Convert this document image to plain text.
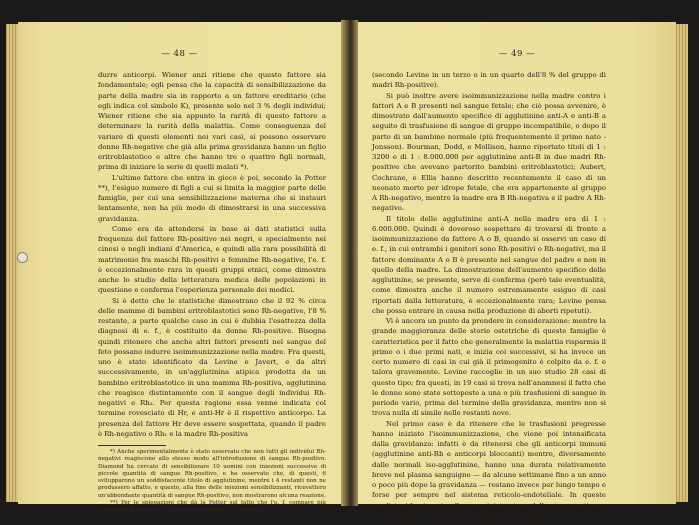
— 48 —

durre anticorpi. Wiener anzi ritiene che questo fattore sia fondamentale; egli pensa che la capacità di sensibilizzazione da parte della madre sia in rapporto a un fattore ereditario (che egli indica col simbolo K), presente solo nel 3 % degli individui; Wiener ritiene che sia appunto la rarità di questo fattore a determinare la rarità della malattia. Come conseguenza del variare di questi elementi nei vari casi, si possono osservare donne Rh-negative che già alla prima gravidanza hanno un figlio eritroblastotico e altre che hanno tre o quattro figli normali, prima di iniziare la serie di quelli malati *).

L'ultimo fattore che entra in gioco è poi, secondo la Potter **), l'esiguo numero di figli a cui si limita la maggior parte delle famiglie, per cui una sensibilizzazione materna che si instauri lentamente, non ha più modo di dimostrarsi in una successiva gravidanza.

Come era da attendersi in base ai dati statistici sulla frequenza del fattore Rh-positivo nei negri, e specialmente nei cinesi e negli indiani d'America, e quindi alla rara possibilità di matrimonio fra maschi Rh-positivi e femmine Rh-negative, l'e. f. è eccezionalmente rara in questi gruppi etnici, come dimostra anche lo studio della letteratura medica delle popolazioni in questione e conferma l'esperienza personale dei medici.

Si è detto che le statistiche dimostrano che il 92 % circa delle mamme di bambini eritroblastotici sono Rh-negative, l'8 % restante, a parte qualche caso in cui è dubbia l'esattezza della diagnosi di e. f., è costituito da donne Rh-positive. Bisogna quindi ritenere che anche altri fattori presenti nel sangue del feto possano indurre isoimmunizzazione nella madre. Fra questi, uno è stato identificato da Levine e Javert, e da altri successivamente, in un'agglutinina atipica prodotta da un bambino eritroblastotico in una mamma Rh-positiva, agglutinina che reagisce distintamente con il sangue degli individui Rh-negativi e Rh₂. Per questa ragione essa venne indicata col termine rovesciato di Hr, e anti-Hr è il rispettivo anticorpo. La presenza del fattore Hr deve essere sospettata, quando il padre è Rh-negativo o Rh₁ e la madre Rh-positiva

*) Anche sperimentalmente è stato osservato che non tutti gli individui Rh-negativi reagiscono allo stesso modo all'introduzione di sangue Rh-positivo. Diamond ha cercato di sensibilizzare 10 uomini con iniezioni successive di piccole quantità di sangue Rh-positivo, e ha osservato che, di questi, 6 svilupparono un soddisfacente titolo di agglutinine, mentre i 4 restanti non ne produssero affatto, e questo, alla fine delle iniezioni sensibilizzanti, ricevettero un'abbondante quantità di sangue Rh-positivo, non mostrarono alcuna reazione.

**) Per le spiegazioni che dà la Potter sul fatto che l'e. f. compare più raramente di quanto ci si potrebbe attendere, v. anche oltre.

— 49 —

(secondo Levine in un terzo o in un quarto dell'8 % del gruppo di madri Rh-positive).

Si può inoltre avere isoimmunizzazione nella madre contro i fattori A e B presenti nel sangue fetale; che ciò possa avvenire, è dimostrato dall'aumento specifico di agglutinine anti-A e anti-B a seguito di trasfusione di sangue di gruppo incompatibile, o dopo il parto di un bambino normale (più frequentemente il primo nato - Jonsson). Bourman, Dodd, e Mollison, hanno riportato titoli di 1 : 3200 e di 1 : 8.000.000 per agglutinine anti-B in due madri Rh-positive che avevano partorito bambini eritroblastotici; Aubert, Cochrane, e Ellis hanno descritto recentemente il caso di un neonato morto per idrope fetale, che era appartenente al gruppo A Rh-negativo, mentre la madre era B Rh-negativa e il padre A Rh-negativo.

Il titolo delle agglutinine anti-A nella madre era di 1 : 6.000.000. Quindi è doveroso sospettare di trovarsi di fronte a isoimmunizzazione da fattore A o B, quando si osservi un caso di e. f., in cui entrambi i genitori sono Rh-positivi o Rh-negativi, ma il fattore dominante A o B è presente nel sangue del padre e non in quello della madre. La dimostrazione dell'aumento specifico delle agglutinine, se presente, serve di conferma (però tale eventualità, come dimostra anche il numero estremamente esiguo di casi riportati dalla letteratura, è eccezionalmente rara; Levine pensa che possa entrare in causa nella produzione di aborti ripetuti).

Vi è ancora un punto da prendere in considerazione: mentre la grande maggioranza delle storie ostetriche di queste famiglie è caratteristica per il fatto che generalmente la malattia risparmia il primo o i due primi nati, e inizia coi successivi, si ha invece un certo numero di casi in cui già il primogenito è colpito da e. f. e talora gravemente. Levine raccoglie in un suo studio 28 casi di questo tipo; fra questi, in 19 casi si trova nell'anamnesi il fatto che le donne sono state sottoposte a una o più trasfusioni di sangue in periodo vario, prima del termine della gravidanza, mentre non si trova nulla di simile nelle restanti nove.

Nel primo caso è da ritenere che le trasfusioni pregresse hanno iniziato l'isoimmunizzazione, che viene poi intensificata dalla gravidanza: infatti è da ritenersi che gli anticorpi immuni (agglutinine anti-Rh e anticorpi bloccanti) mentre, diversamente dalle normali iso-agglutinine, hanno una durata relativamente breve nel plasma sanguigno — da alcune settimane fino a un anno o poco più dopo la gravidanza — restano invece per lungo tempo e forse per sempre nel sistema reticolo-endoteliale. In queste condizioni la risposta alla somministrazione dello stesso antigene molti anni dopo, in forma di trasfusione di sangue o
